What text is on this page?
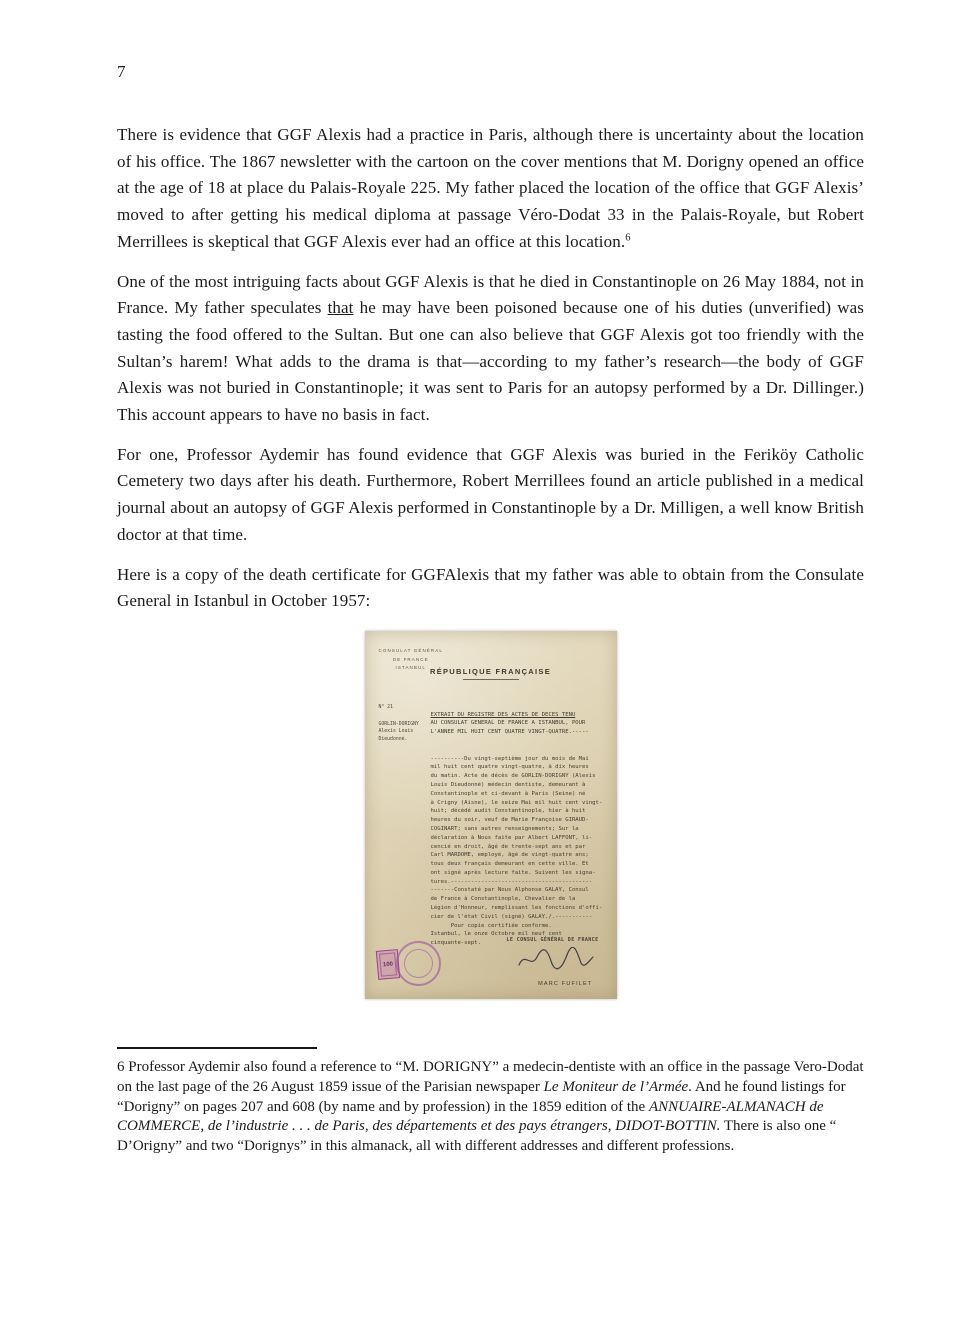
7

There is evidence that GGF Alexis had a practice in Paris, although there is uncertainty about the location of his office. The 1867 newsletter with the cartoon on the cover mentions that M. Dorigny opened an office at the age of 18 at place du Palais-Royale 225. My father placed the location of the office that GGF Alexis’ moved to after getting his medical diploma at passage Véro-Dodat 33 in the Palais-Royale, but Robert Merrillees is skeptical that GGF Alexis ever had an office at this location.$^6$

One of the most intriguing facts about GGF Alexis is that he died in Constantinople on 26 May 1884, not in France. My father speculates that he may have been poisoned because one of his duties (unverified) was tasting the food offered to the Sultan. But one can also believe that GGF Alexis got too friendly with the Sultan’s harem! What adds to the drama is that—according to my father’s research—the body of GGF Alexis was not buried in Constantinople; it was sent to Paris for an autopsy performed by a Dr. Dillinger.) This account appears to have no basis in fact.

For one, Professor Aydemir has found evidence that GGF Alexis was buried in the Feriköy Catholic Cemetery two days after his death. Furthermore, Robert Merrillees found an article published in a medical journal about an autopsy of GGF Alexis performed in Constantinople by a Dr. Milligen, a well know British doctor at that time.

Here is a copy of the death certificate for GGFAlexis that my father was able to obtain from the Consulate General in Istanbul in October 1957:

CONSULAT GÉNÉRAL
DE FRANCE
ISTANBUL RÉPUBLIQUE FRANÇAISE
N° 21
GORLIN-DORIGNY
Alexis Louis
Dieudonné.

EXTRAIT DU REGISTRE DES ACTES DE DECES TENU
AU CONSULAT GENERAL DE FRANCE A ISTANBUL, POUR
L'ANNEE MIL HUIT CENT QUATRE VINGT-QUATRE.-----

----------Du vingt-septième jour du mois de Mai
mil huit cent quatre vingt-quatre, à dix heures
du matin. Acte de décès de GORLIN-DORIGNY (Alexis
Louis Dieudonné) médecin dentiste, demeurant à
Constantinople et ci-devant à Paris (Seine) né
à Crigny (Aisne), le seize Mai mil huit cent vingt-
huit; décédé audit Constantinople, hier à huit
heures du soir, veuf de Marie Françoise GIRAUD-
COGINART; sans autres renseignements; Sur la
déclaration à Nous faite par Albert LAFFONT, li-
cencié en droit, âgé de trente-sept ans et par
Carl MARDOME, employé, âgé de vingt-quatre ans;
tous deux français demeurant en cette ville. Et
ont signé après lecture faite. Suivent les signa-
tures.------------------------------------------
-------Constaté par Nous Alphonse GALAY, Consul
de France à Constantinople, Chevalier de la
Légion d'Honneur, remplissant les fonctions d'offi-
cier de l'état Civil (signé) GALAY./.-----------
Pour copie certifiée conforme.
Istanbul, le onze Octobre mil neuf cent
cinquante-sept.

LE CONSUL GÉNÉRAL DE FRANCE
MARC FUFILET
100

6 Professor Aydemir also found a reference to “M. DORIGNY” a medecin-dentiste with an office in the passage Vero-Dodat on the last page of the 26 August 1859 issue of the Parisian newspaper Le Moniteur de l’Armée. And he found listings for “Dorigny” on pages 207 and 608 (by name and by profession) in the 1859 edition of the ANNUAIRE-ALMANACH de COMMERCE, de l’industrie . . . de Paris, des départements et des pays étrangers, DIDOT-BOTTIN. There is also one “ D’Origny” and two “Dorignys” in this almanack, all with different addresses and different professions.
